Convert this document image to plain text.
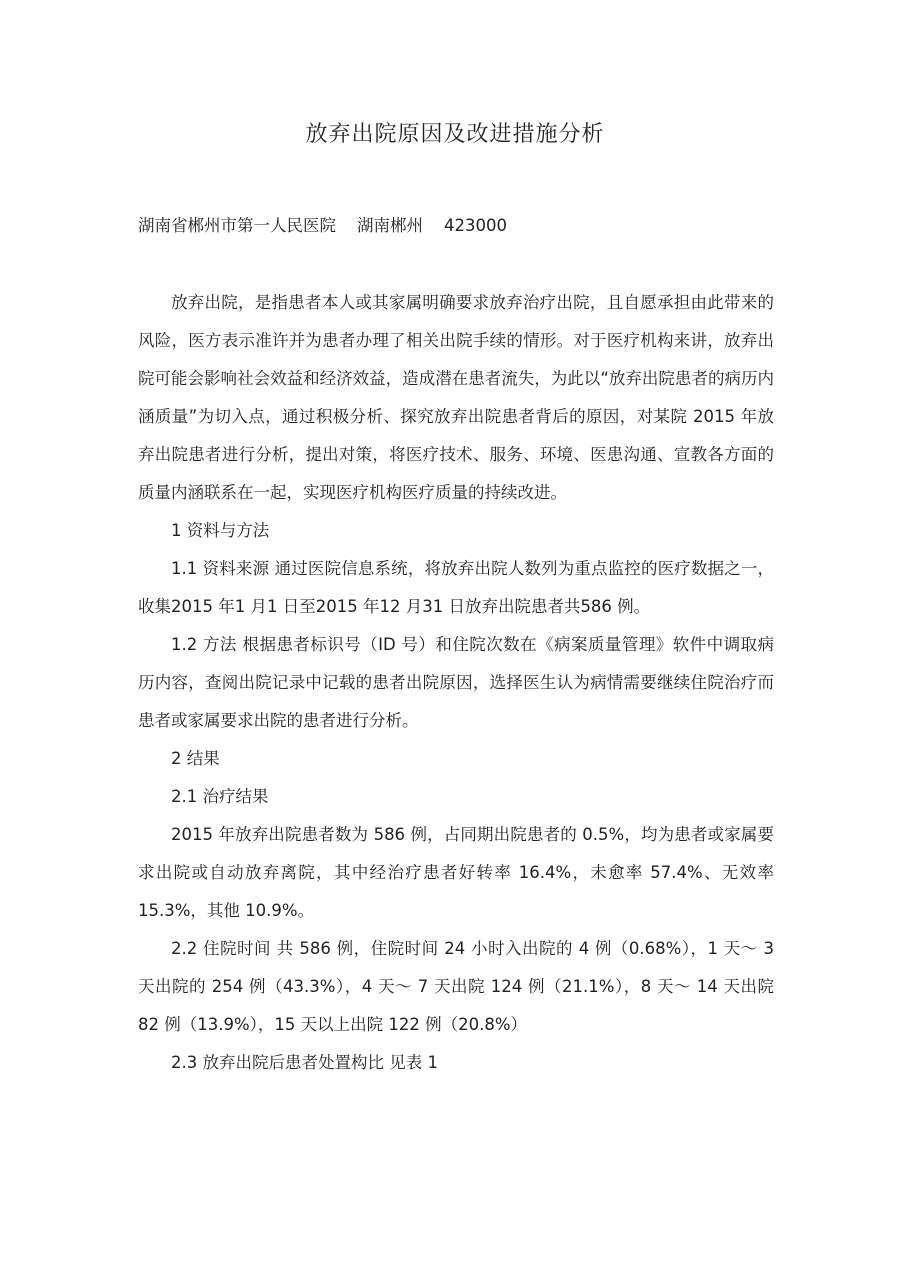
放弃出院原因及改进措施分析
湖南省郴州市第一人民医院    湖南郴州    423000

放弃出院，是指患者本人或其家属明确要求放弃治疗出院，且自愿承担由此带来的风险，医方表示准许并为患者办理了相关出院手续的情形。对于医疗机构来讲，放弃出院可能会影响社会效益和经济效益，造成潜在患者流失，为此以“放弃出院患者的病历内涵质量”为切入点，通过积极分析、探究放弃出院患者背后的原因，对某院 2015 年放弃出院患者进行分析，提出对策，将医疗技术、服务、环境、医患沟通、宣教各方面的质量内涵联系在一起，实现医疗机构医疗质量的持续改进。

1 资料与方法

1.1 资料来源 通过医院信息系统，将放弃出院人数列为重点监控的医疗数据之一，收集2015 年1 月1 日至2015 年12 月31 日放弃出院患者共586 例。

1.2 方法 根据患者标识号（ID 号）和住院次数在《病案质量管理》软件中调取病历内容，查阅出院记录中记载的患者出院原因，选择医生认为病情需要继续住院治疗而患者或家属要求出院的患者进行分析。

2 结果

2.1 治疗结果

2015 年放弃出院患者数为 586 例，占同期出院患者的 0.5%，均为患者或家属要求出院或自动放弃离院，其中经治疗患者好转率 16.4%，未愈率 57.4%、无效率 15.3%，其他 10.9%。

2.2 住院时间 共 586 例，住院时间 24 小时入出院的 4 例（0.68%），1 天～ 3 天出院的 254 例（43.3%），4 天～ 7 天出院 124 例（21.1%），8 天～ 14 天出院 82 例（13.9%），15 天以上出院 122 例（20.8%）

2.3 放弃出院后患者处置构比 见表 1
